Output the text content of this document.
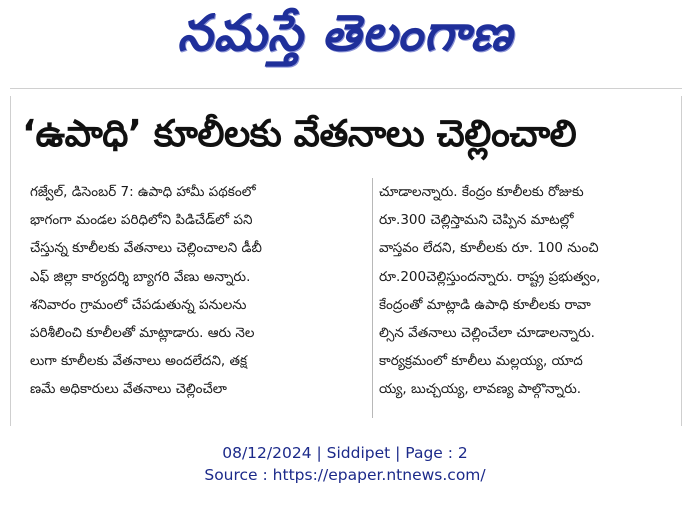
నమస్తే తెలంగాణ
‘ఉపాధి’ కూలీలకు వేతనాలు చెల్లించాలి
గజ్వేల్, డిసెంబర్ 7: ఉపాధి హామీ పథకంలో
భాగంగా మండల పరిధిలోని పిడిచేడ్‌లో పని
చేస్తున్న కూలీలకు వేతనాలు చెల్లించాలని డీబీ
ఎఫ్ జిల్లా కార్యదర్శి బ్యాగరి వేణు అన్నారు.
శనివారం గ్రామంలో చేపడుతున్న పనులను
పరిశీలించి కూలీలతో మాట్లాడారు. ఆరు నెల
లుగా కూలీలకు వేతనాలు అందలేదని, తక్ష
ణమే అధికారులు వేతనాలు చెల్లించేలా
చూడాలన్నారు. కేంద్రం కూలీలకు రోజుకు
రూ.300 చెల్లిస్తామని చెప్పిన మాటల్లో
వాస్తవం లేదని, కూలీలకు రూ. 100 నుంచి
రూ.200చెల్లిస్తుందన్నారు. రాష్ట్ర ప్రభుత్వం,
కేంద్రంతో మాట్లాడి ఉపాధి కూలీలకు రావా
ల్సిన వేతనాలు చెల్లించేలా చూడాలన్నారు.
కార్యక్రమంలో కూలీలు మల్లయ్య, యాద
య్య, బుచ్చయ్య, లావణ్య పాల్గొన్నారు.
08/12/2024 | Siddipet | Page : 2
Source : https://epaper.ntnews.com/
